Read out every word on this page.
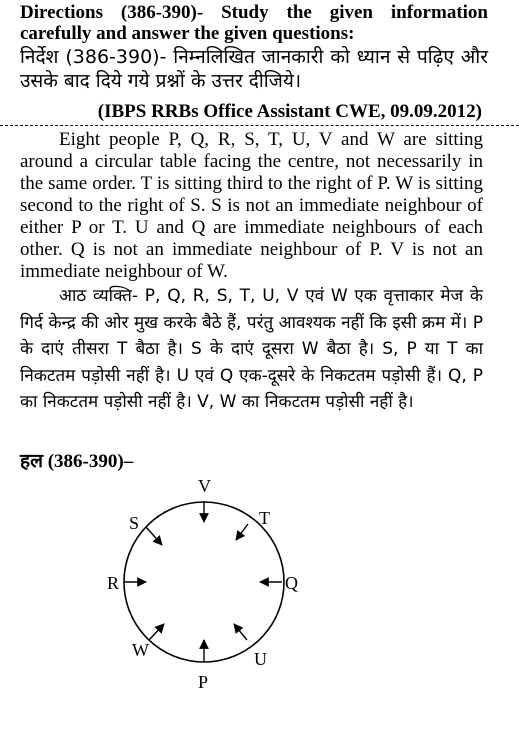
Directions (386-390)- Study the given information carefully and answer the given questions:
निर्देश (386-390)- निम्नलिखित जानकारी को ध्यान से पढ़िए और उसके बाद दिये गये प्रश्नों के उत्तर दीजिये।
(IBPS RRBs Office Assistant CWE, 09.09.2012)
Eight people P, Q, R, S, T, U, V and W are sitting around a circular table facing the centre, not necessarily in the same order. T is sitting third to the right of P. W is sitting second to the right of S. S is not an immediate neighbour of either P or T. U and Q are immediate neighbours of each other. Q is not an immediate neighbour of P. V is not an immediate neighbour of W.
आठ व्यक्ति- P, Q, R, S, T, U, V एवं W एक वृत्ताकार मेज के गिर्द केन्द्र की ओर मुख करके बैठे हैं, परंतु आवश्यक नहीं कि इसी क्रम में। P के दाएं तीसरा T बैठा है। S के दाएं दूसरा W बैठा है। S, P या T का निकटतम पड़ोसी नहीं है। U एवं Q एक-दूसरे के निकटतम पड़ोसी हैं। Q, P का निकटतम पड़ोसी नहीं है। V, W का निकटतम पड़ोसी नहीं है।
हल (386-390)–
V
T
Q
U
P
W
R
S
